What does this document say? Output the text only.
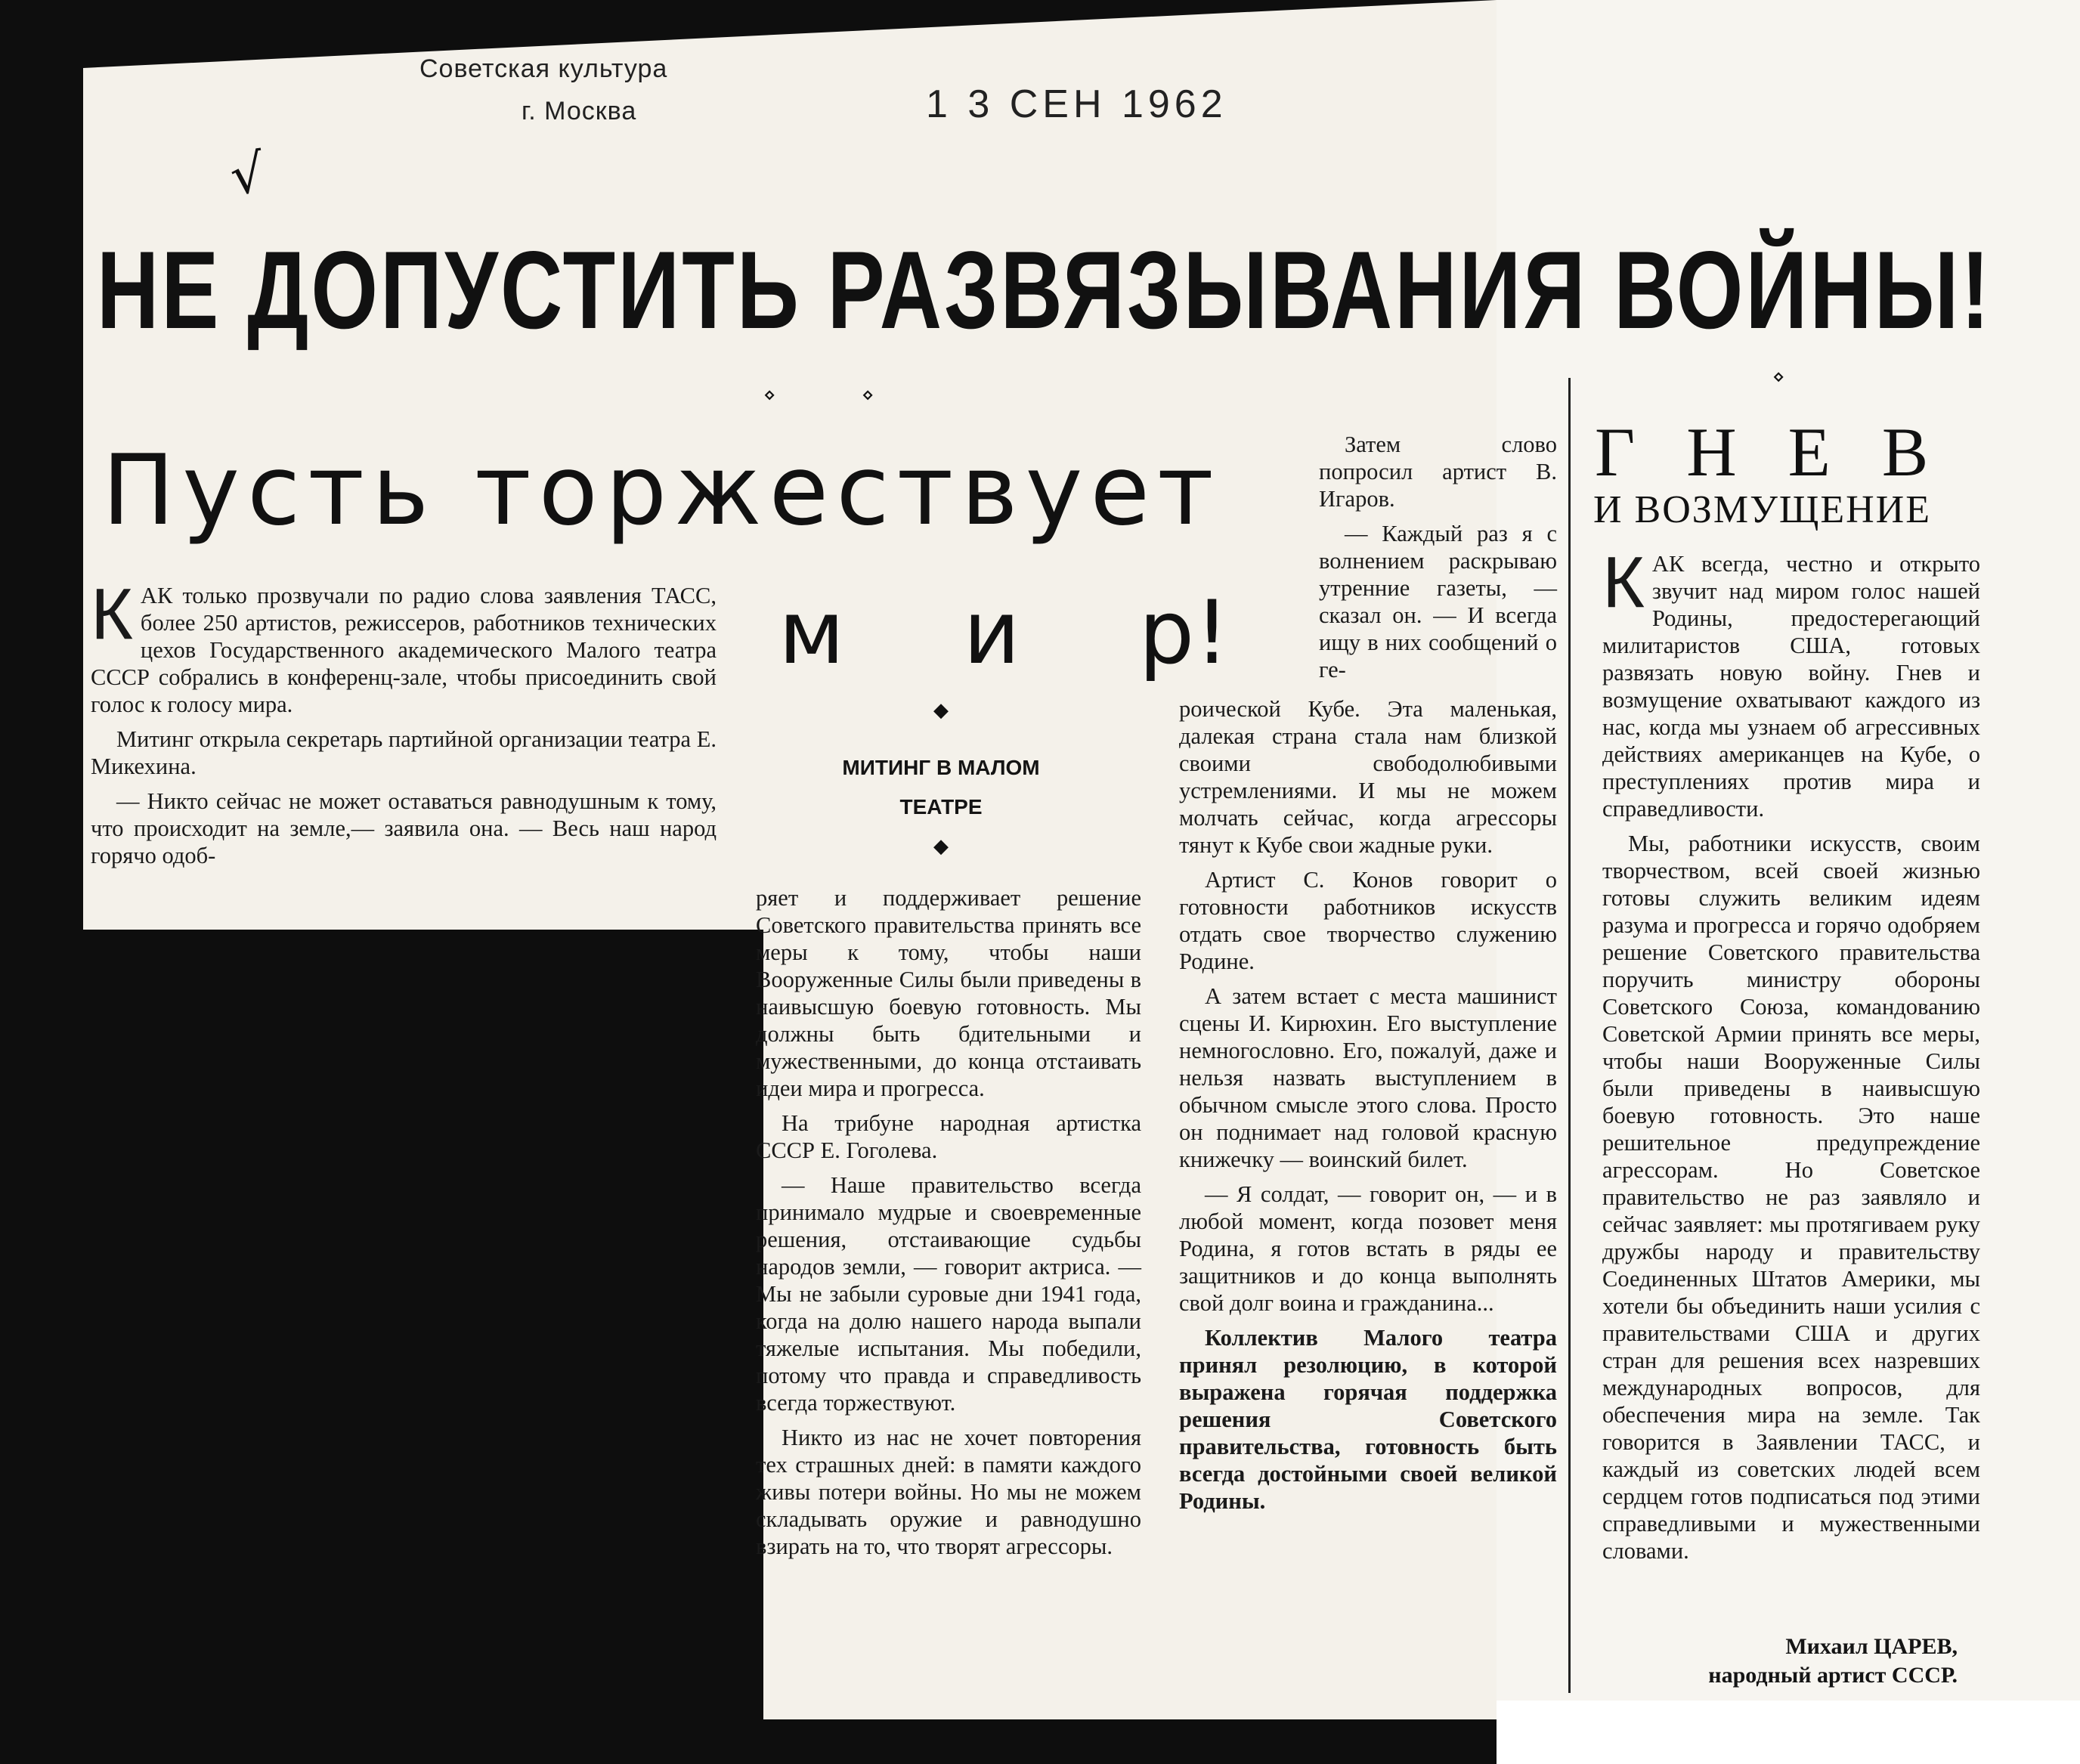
Советская культура
г. Москва	1 3 СЕН 1962
√
НЕ ДОПУСТИТЬ РАЗВЯЗЫВАНИЯ ВОЙНЫ!
⋄	⋄
⋄
Пусть торжествует
м и р!
◆
МИТИНГ В МАЛОМ ТЕАТРЕ
◆

КАК только прозвучали по радио слова заявления ТАСС, более 250 артистов, режиссеров, работников технических цехов Государственного академического Малого театра СССР собрались в конференц-зале, чтобы присоединить свой голос к голосу мира.

Митинг открыла секретарь партийной организации театра Е. Микехина.

— Никто сейчас не может оставаться равнодушным к тому, что происходит на земле,— заявила она. — Весь наш народ горячо одоб-

ряет и поддерживает решение Советского правительства принять все меры к тому, чтобы наши Вооруженные Силы были приведены в наивысшую боевую готовность. Мы должны быть бдительными и мужественными, до конца отстаивать идеи мира и прогресса.

На трибуне народная артистка СССР Е. Гоголева.

— Наше правительство всегда принимало мудрые и своевременные решения, отстаивающие судьбы народов земли, — говорит актриса. — Мы не забыли суровые дни 1941 года, когда на долю нашего народа выпали тяжелые испытания. Мы победили, потому что правда и справедливость всегда торжествуют.

Никто из нас не хочет повторения тех страшных дней: в памяти каждого живы потери войны. Но мы не можем складывать оружие и равнодушно взирать на то, что творят агрессоры.

Затем слово попросил артист В. Игаров.

— Каждый раз я с волнением раскрываю утренние газеты, — сказал он. — И всегда ищу в них сообщений о ге-

роической Кубе. Эта маленькая, далекая страна стала нам близкой своими свободолюбивыми устремлениями. И мы не можем молчать сейчас, когда агрессоры тянут к Кубе свои жадные руки.

Артист С. Конов говорит о готовности работников искусств отдать свое творчество служению Родине.

А затем встает с места машинист сцены И. Кирюхин. Его выступление немногословно. Его, пожалуй, даже и нельзя назвать выступлением в обычном смысле этого слова. Просто он поднимает над головой красную книжечку — воинский билет.

— Я солдат, — говорит он, — и в любой момент, когда позовет меня Родина, я готов встать в ряды ее защитников и до конца выполнять свой долг воина и гражданина...

Коллектив Малого театра принял резолюцию, в которой выражена горячая поддержка решения Советского правительства, готовность быть всегда достойными своей великой Родины.

ГНЕВ
И ВОЗМУЩЕНИЕ

КАК всегда, честно и открыто звучит над миром голос нашей Родины, предостерегающий милитаристов США, готовых развязать новую войну. Гнев и возмущение охватывают каждого из нас, когда мы узнаем об агрессивных действиях американцев на Кубе, о преступлениях против мира и справедливости.

Мы, работники искусств, своим творчеством, всей своей жизнью готовы служить великим идеям разума и прогресса и горячо одобряем решение Советского правительства поручить министру обороны Советского Союза, командованию Советской Армии принять все меры, чтобы наши Вооруженные Силы были приведены в наивысшую боевую готовность. Это наше решительное предупреждение агрессорам. Но Советское правительство не раз заявляло и сейчас заявляет: мы протягиваем руку дружбы народу и правительству Соединенных Штатов Америки, мы хотели бы объединить наши усилия с правительствами США и других стран для решения всех назревших международных вопросов, для обеспечения мира на земле. Так говорится в Заявлении ТАСС, и каждый из советских людей всем сердцем готов подписаться под этими справедливыми и мужественными словами.

Михаил ЦАРЕВ,
народный артист СССР.
